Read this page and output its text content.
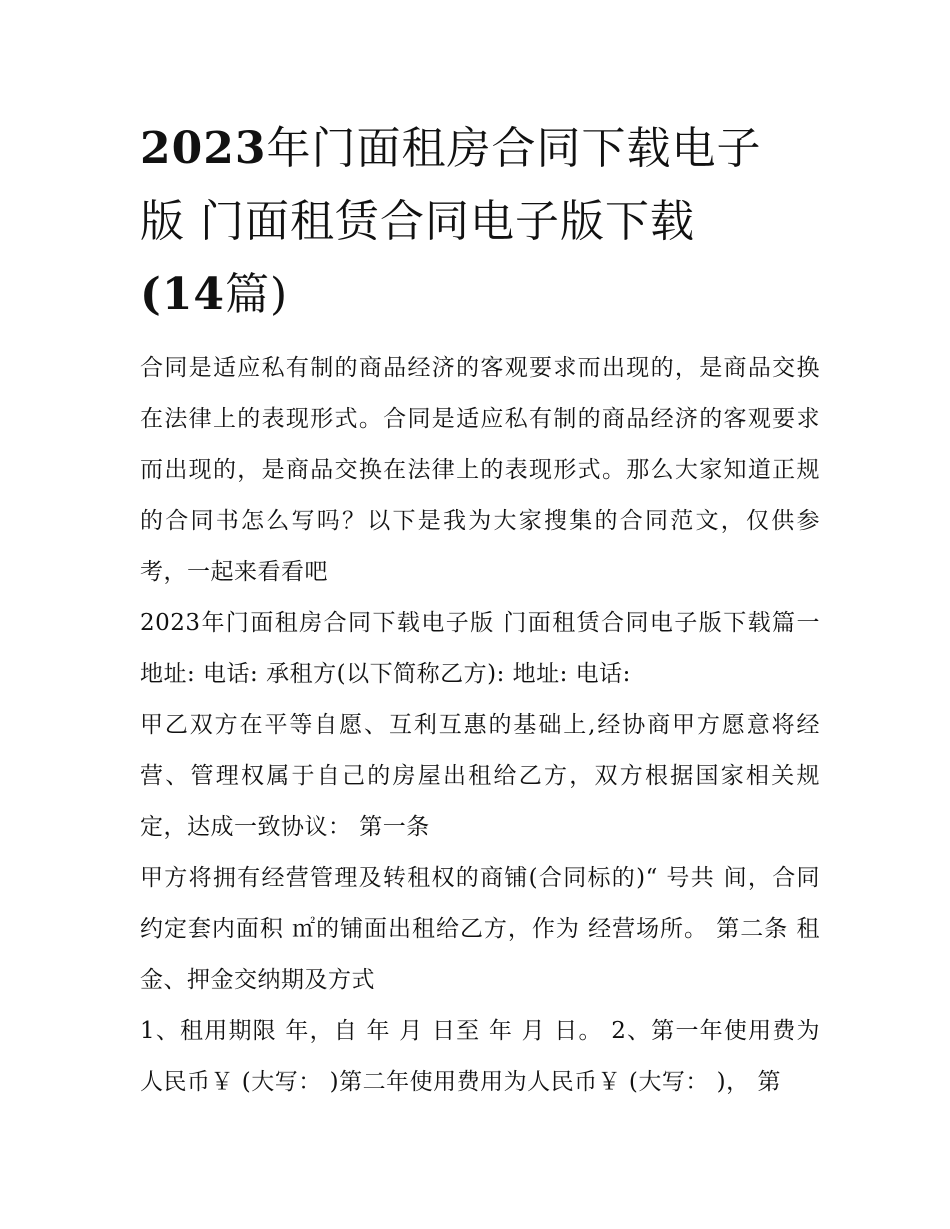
2023年门面租房合同下载电子
版 门面租赁合同电子版下载
(14篇)

合同是适应私有制的商品经济的客观要求而出现的，是商品交换在法律上的表现形式。合同是适应私有制的商品经济的客观要求而出现的，是商品交换在法律上的表现形式。那么大家知道正规的合同书怎么写吗？以下是我为大家搜集的合同范文，仅供参考，一起来看看吧

2023年门面租房合同下载电子版 门面租赁合同电子版下载篇一 地址: 电话: 承租方(以下简称乙方): 地址: 电话:

甲乙双方在平等自愿、互利互惠的基础上,经协商甲方愿意将经营、管理权属于自己的房屋出租给乙方，双方根据国家相关规定，达成一致协议： 第一条

甲方将拥有经营管理及转租权的商铺(合同标的)“ 号共 间，合同约定套内面积 ㎡的铺面出租给乙方，作为 经营场所。 第二条 租金、押金交纳期及方式

1、租用期限 年，自 年 月 日至 年 月 日。 2、第一年使用费为人民币￥ (大写： )第二年使用费用为人民币￥ (大写： )， 第
